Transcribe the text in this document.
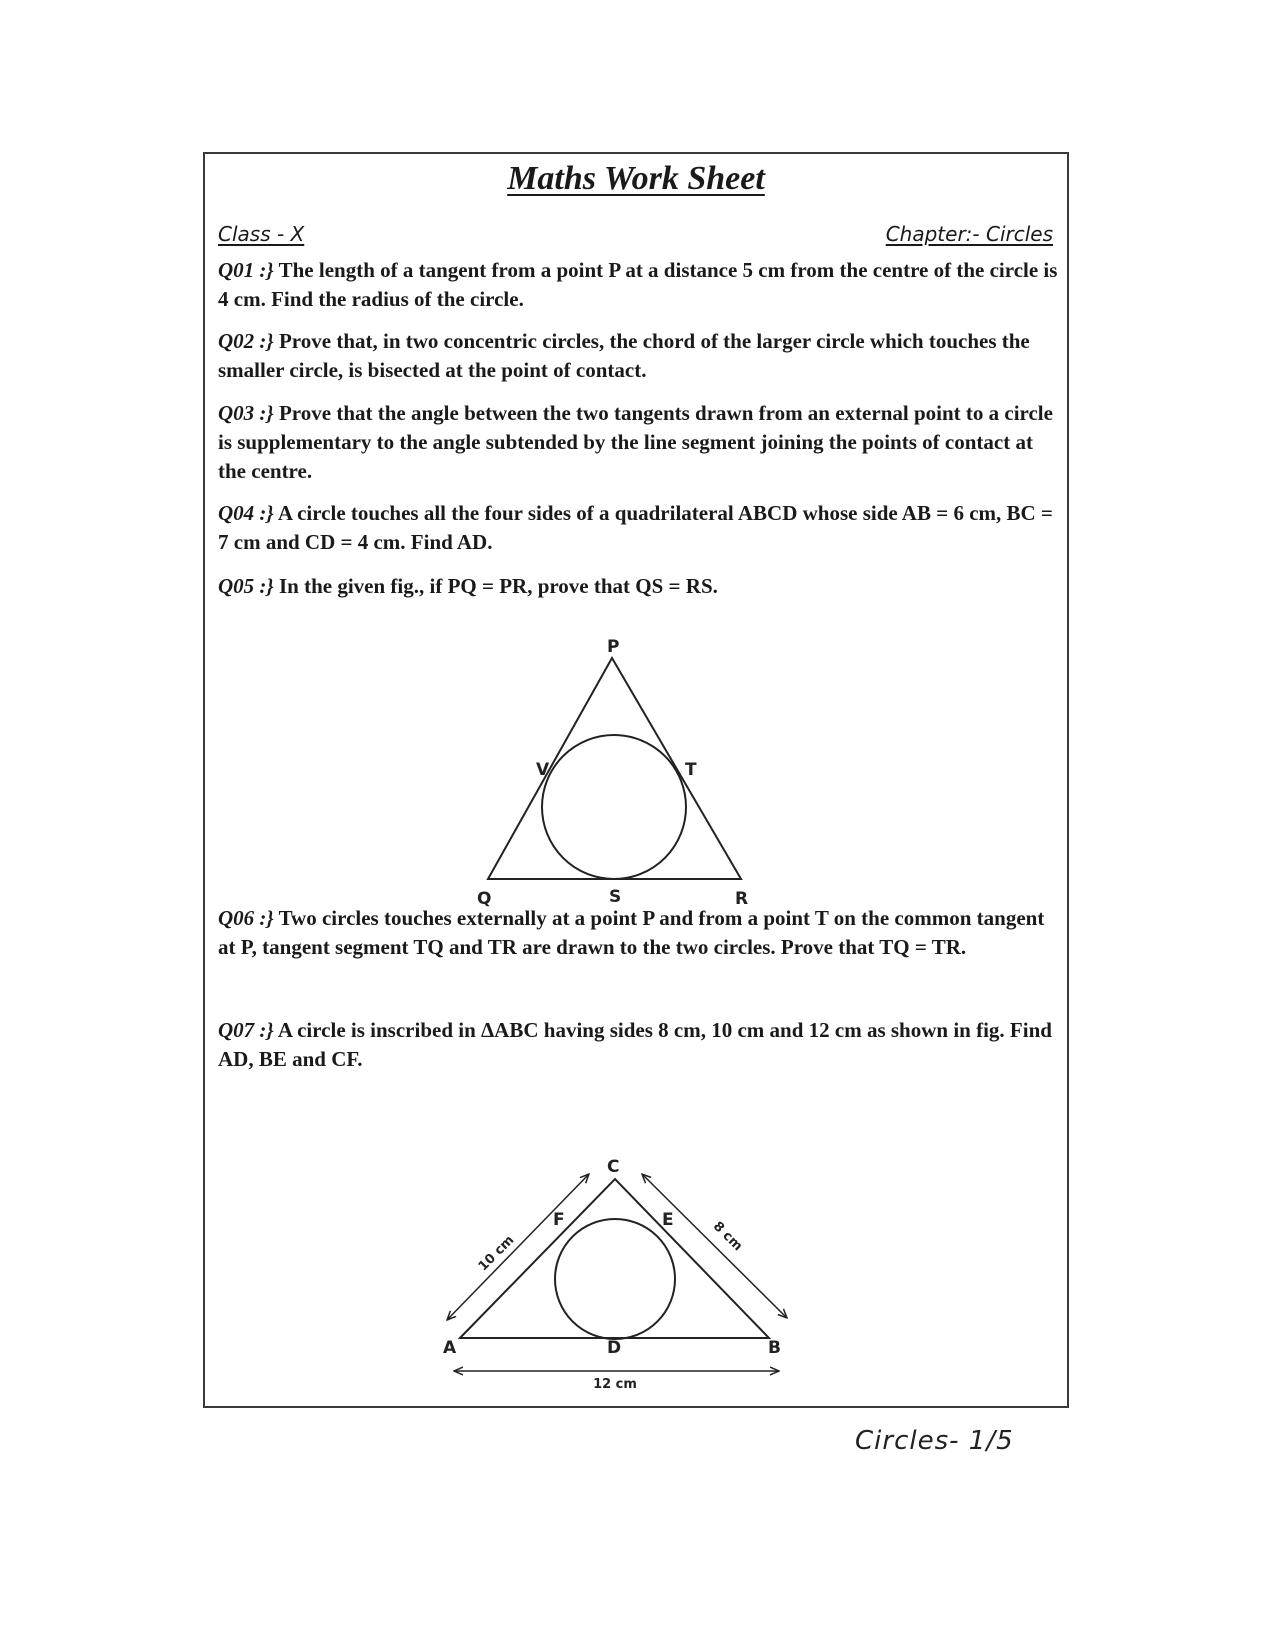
Maths Work Sheet
Class - X	Chapter:- Circles
Q01 :} The length of a tangent from a point P at a distance 5 cm from the centre of the circle is 4 cm. Find the radius of the circle.
Q02 :} Prove that, in two concentric circles, the chord of the larger circle which touches the smaller circle, is bisected at the point of contact.
Q03 :} Prove that the angle between the two tangents drawn from an external point to a circle is supplementary to the angle subtended by the line segment joining the points of contact at the centre.
Q04 :} A circle touches all the four sides of a quadrilateral ABCD whose side AB = 6 cm, BC = 7 cm and CD = 4 cm. Find AD.
Q05 :} In the given fig., if PQ = PR, prove that QS = RS.
P
V	T
Q	S	R
Q06 :} Two circles touches externally at a point P and from a point T on the common tangent at P, tangent segment TQ and TR are drawn to the two circles. Prove that TQ = TR.
Q07 :} A circle is inscribed in ΔABC having sides 8 cm, 10 cm and 12 cm as shown in fig. Find AD, BE and CF.
C
F	E
A	D	B
10 cm	8 cm
12 cm
Circles- 1/5
